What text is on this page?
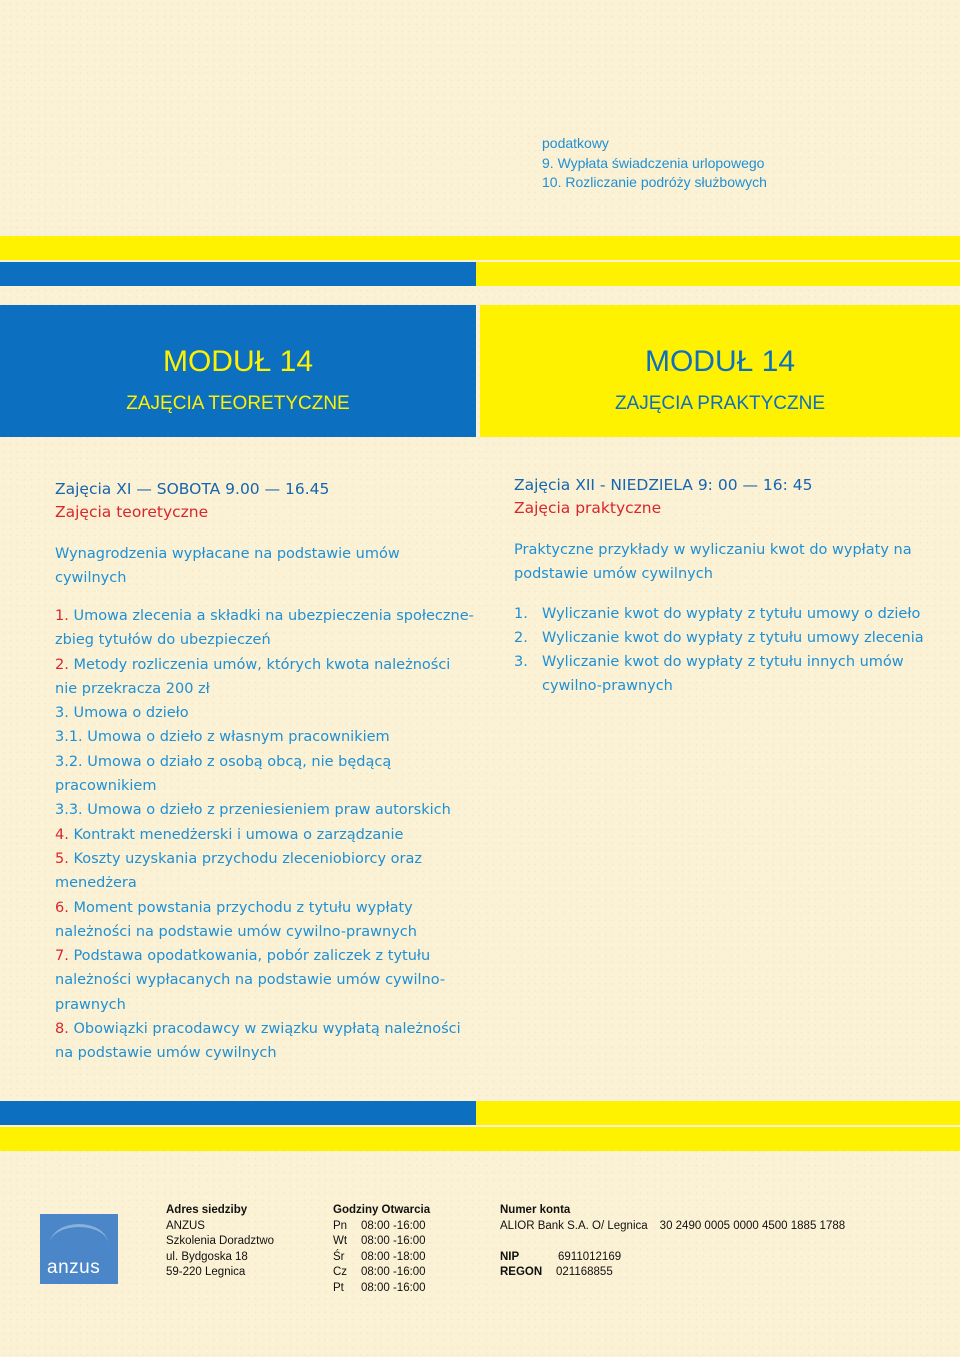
podatkowy
9. Wypłata świadczenia urlopowego
10. Rozliczanie podróży służbowych
MODUŁ 14
ZAJĘCIA TEORETYCZNE
MODUŁ 14
ZAJĘCIA PRAKTYCZNE
Zajęcia XI — SOBOTA 9.00 — 16.45
Zajęcia teoretyczne
Wynagrodzenia wypłacane na podstawie umów cywilnych
1. Umowa zlecenia a składki na ubezpieczenia społeczne- zbieg tytułów do ubezpieczeń
2. Metody rozliczenia umów, których kwota należności nie przekracza 200 zł
3. Umowa o dzieło
3.1. Umowa o dzieło z własnym pracownikiem
3.2. Umowa o działo z osobą obcą, nie będącą pracownikiem
3.3. Umowa o dzieło z przeniesieniem praw autorskich
4. Kontrakt menedżerski i umowa o zarządzanie
5. Koszty uzyskania przychodu zleceniobiorcy oraz menedżera
6. Moment powstania przychodu z tytułu wypłaty należności na podstawie umów cywilno-prawnych
7. Podstawa opodatkowania, pobór zaliczek z tytułu należności wypłacanych na podstawie umów cywilno- prawnych
8. Obowiązki pracodawcy w związku wypłatą należności na podstawie umów cywilnych
Zajęcia XII - NIEDZIELA 9: 00 — 16: 45
Zajęcia praktyczne
Praktyczne przykłady w wyliczaniu kwot do wypłaty na podstawie umów cywilnych
1. Wyliczanie kwot do wypłaty z tytułu umowy o dzieło
2. Wyliczanie kwot do wypłaty z tytułu umowy zlecenia
3. Wyliczanie kwot do wypłaty z tytułu innych umów cywilno-prawnych
anzus
Adres siedziby
ANZUS
Szkolenia Doradztwo
ul. Bydgoska 18
59-220 Legnica
Godziny Otwarcia
Pn	08:00 -16:00
Wt	08:00 -16:00
Śr	08:00 -18:00
Cz	08:00 -16:00
Pt	08:00 -16:00
Numer konta
ALIOR Bank S.A. O/ Legnica 30 2490 0005 0000 4500 1885 1788
NIP	6911012169
REGON 021168855
